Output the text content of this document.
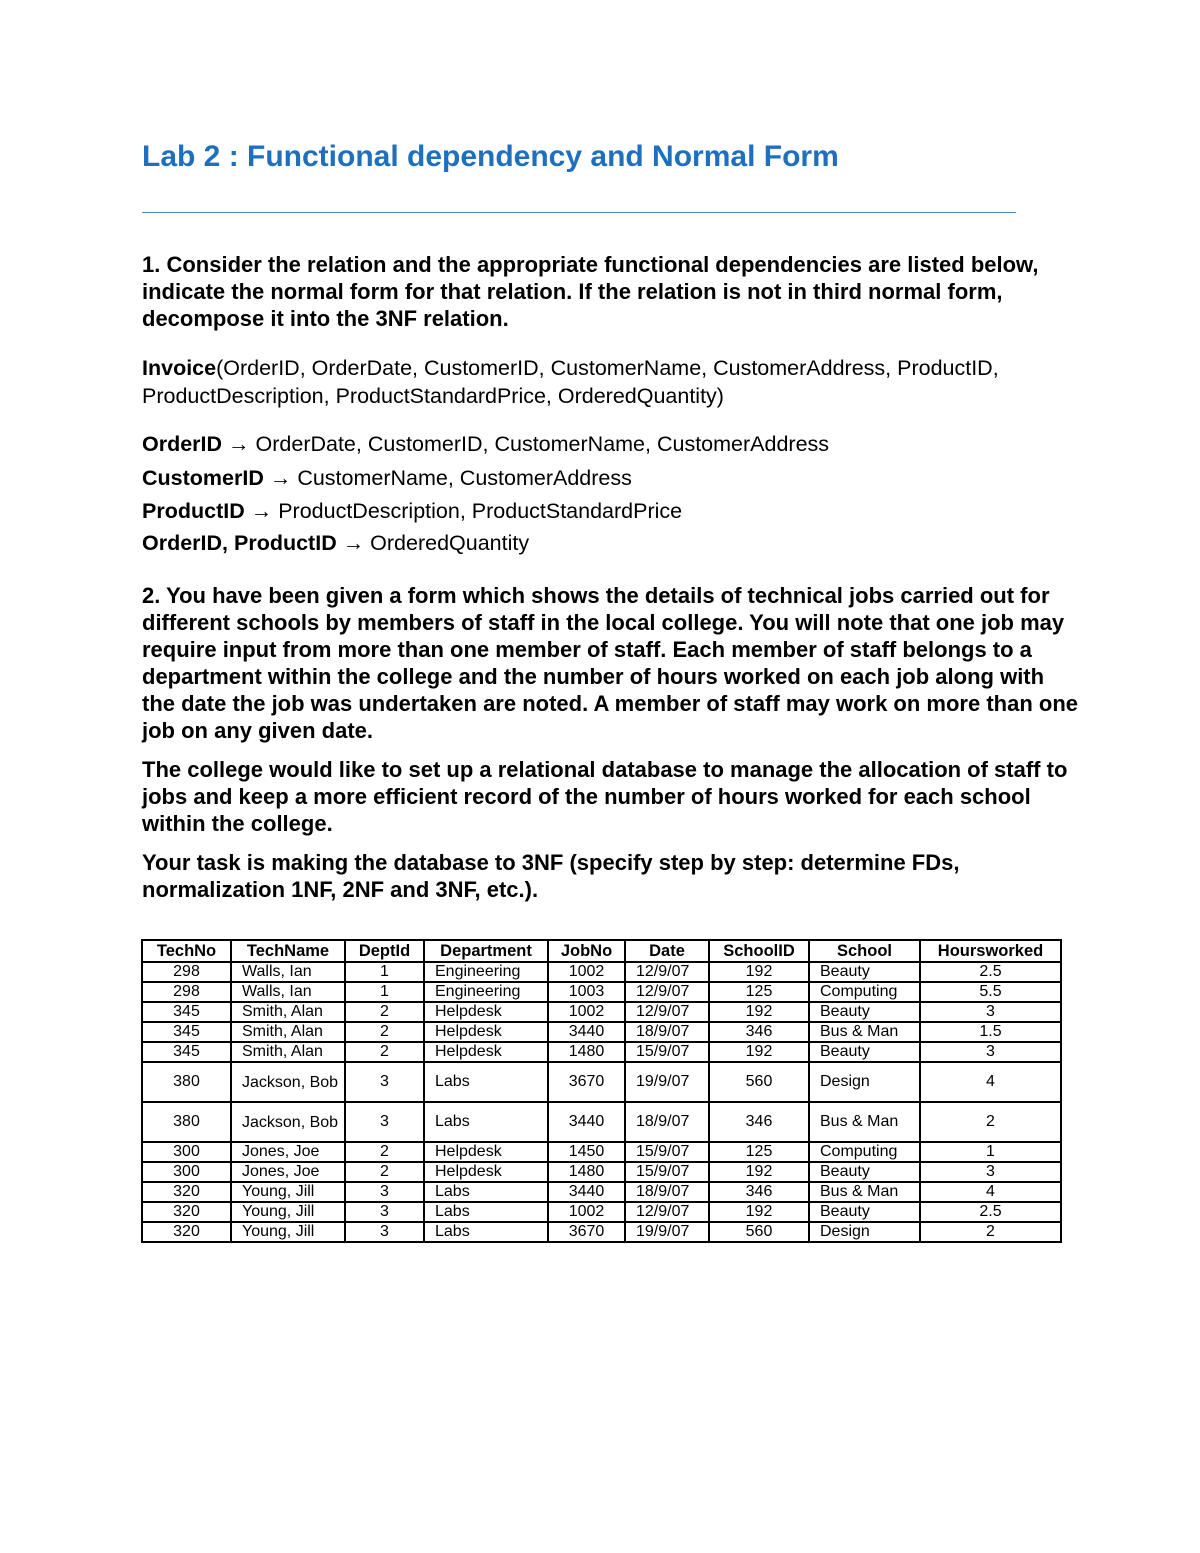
Lab 2 : Functional dependency and Normal Form

1. Consider the relation and the appropriate functional dependencies are listed below, indicate the normal form for that relation. If the relation is not in third normal form, decompose it into the 3NF relation.

Invoice(OrderID, OrderDate, CustomerID, CustomerName, CustomerAddress, ProductID, ProductDescription, ProductStandardPrice, OrderedQuantity)

OrderID → OrderDate, CustomerID, CustomerName, CustomerAddress
CustomerID → CustomerName, CustomerAddress
ProductID → ProductDescription, ProductStandardPrice
OrderID, ProductID → OrderedQuantity

2. You have been given a form which shows the details of technical jobs carried out for different schools by members of staff in the local college. You will note that one job may require input from more than one member of staff. Each member of staff belongs to a department within the college and the number of hours worked on each job along with the date the job was undertaken are noted. A member of staff may work on more than one job on any given date.

The college would like to set up a relational database to manage the allocation of staff to jobs and keep a more efficient record of the number of hours worked for each school within the college.

Your task is making the database to 3NF (specify step by step: determine FDs, normalization 1NF, 2NF and 3NF, etc.).

TechNo	TechName	DeptId	Department	JobNo	Date	SchoolID	School	Hoursworked
298	Walls, Ian	1	Engineering	1002	12/9/07	192	Beauty	2.5
298	Walls, Ian	1	Engineering	1003	12/9/07	125	Computing	5.5
345	Smith, Alan	2	Helpdesk	1002	12/9/07	192	Beauty	3
345	Smith, Alan	2	Helpdesk	3440	18/9/07	346	Bus & Man	1.5
345	Smith, Alan	2	Helpdesk	1480	15/9/07	192	Beauty	3
380	Jackson, Bob	3	Labs	3670	19/9/07	560	Design	4
380	Jackson, Bob	3	Labs	3440	18/9/07	346	Bus & Man	2
300	Jones, Joe	2	Helpdesk	1450	15/9/07	125	Computing	1
300	Jones, Joe	2	Helpdesk	1480	15/9/07	192	Beauty	3
320	Young, Jill	3	Labs	3440	18/9/07	346	Bus & Man	4
320	Young, Jill	3	Labs	1002	12/9/07	192	Beauty	2.5
320	Young, Jill	3	Labs	3670	19/9/07	560	Design	2
